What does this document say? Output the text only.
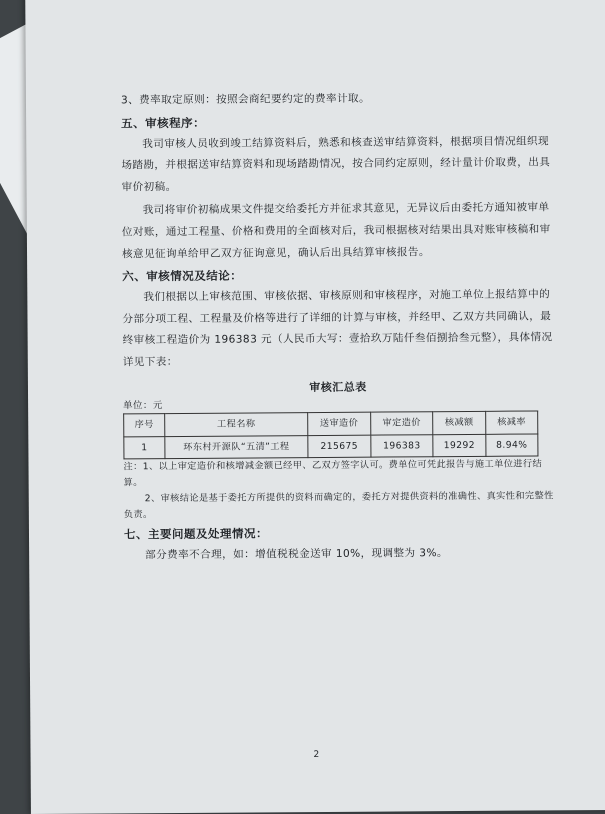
3、费率取定原则：按照会商纪要约定的费率计取。

五、审核程序：

我司审核人员收到竣工结算资料后，熟悉和核查送审结算资料，根据项目情况组织现场踏勘，并根据送审结算资料和现场踏勘情况，按合同约定原则，经计量计价取费，出具审价初稿。

我司将审价初稿成果文件提交给委托方并征求其意见，无异议后由委托方通知被审单位对账，通过工程量、价格和费用的全面核对后，我司根据核对结果出具对账审核稿和审核意见征询单给甲乙双方征询意见，确认后出具结算审核报告。

六、审核情况及结论：

我们根据以上审核范围、审核依据、审核原则和审核程序，对施工单位上报结算中的分部分项工程、工程量及价格等进行了详细的计算与审核，并经甲、乙双方共同确认，最终审核工程造价为 196383 元（人民币大写：壹拾玖万陆仟叁佰捌拾叁元整），具体情况详见下表：

审核汇总表
单位：元
序号	工程名称	送审造价	审定造价	核减额	核减率
1	环东村开源队“五清”工程	215675	196383	19292	8.94%

注：1、以上审定造价和核增减金额已经甲、乙双方签字认可。费单位可凭此报告与施工单位进行结算。

2、审核结论是基于委托方所提供的资料而确定的，委托方对提供资料的准确性、真实性和完整性负责。

七、主要问题及处理情况：

部分费率不合理，如：增值税税金送审 10%，现调整为 3%。

2
